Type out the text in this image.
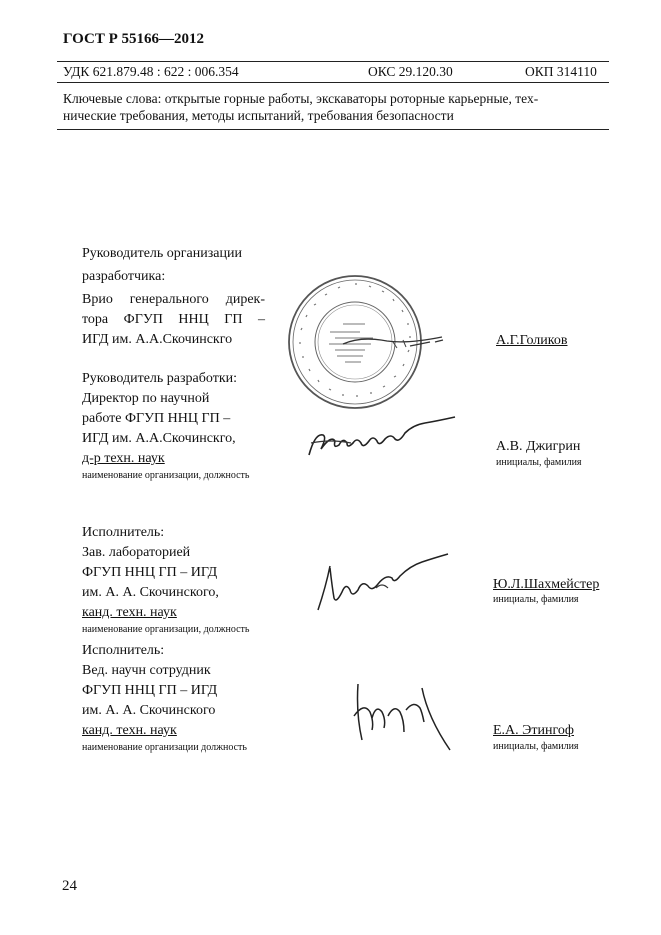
ГОСТ Р 55166—2012
УДК 621.879.48 : 622 : 006.354	ОКС 29.120.30	ОКП 314110
Ключевые слова: открытые горные работы, экскаваторы роторные карьерные, тех-
нические требования, методы испытаний, требования безопасности
Руководитель организации
разработчика:
Врио генерального дирек-
тора ФГУП ННЦ ГП –
ИГД им. А.А.Скочинскго	А.Г.Голиков
Руководитель разработки:
Директор по научной
работе ФГУП ННЦ ГП –
ИГД им. А.А.Скочинскго,
д-р техн. наук
наименование организации, должность
А.В. Джигрин
инициалы, фамилия
Исполнитель:
Зав. лабораторией
ФГУП ННЦ ГП – ИГД
им. А. А. Скочинского,
канд. техн. наук
наименование организации, должность
Ю.Л.Шахмейстер
инициалы, фамилия
Исполнитель:
Вед. научн сотрудник
ФГУП ННЦ ГП – ИГД
им. А. А. Скочинского
канд. техн. наук
наименование организации должность
Е.А. Этингоф
инициалы, фамилия
24
